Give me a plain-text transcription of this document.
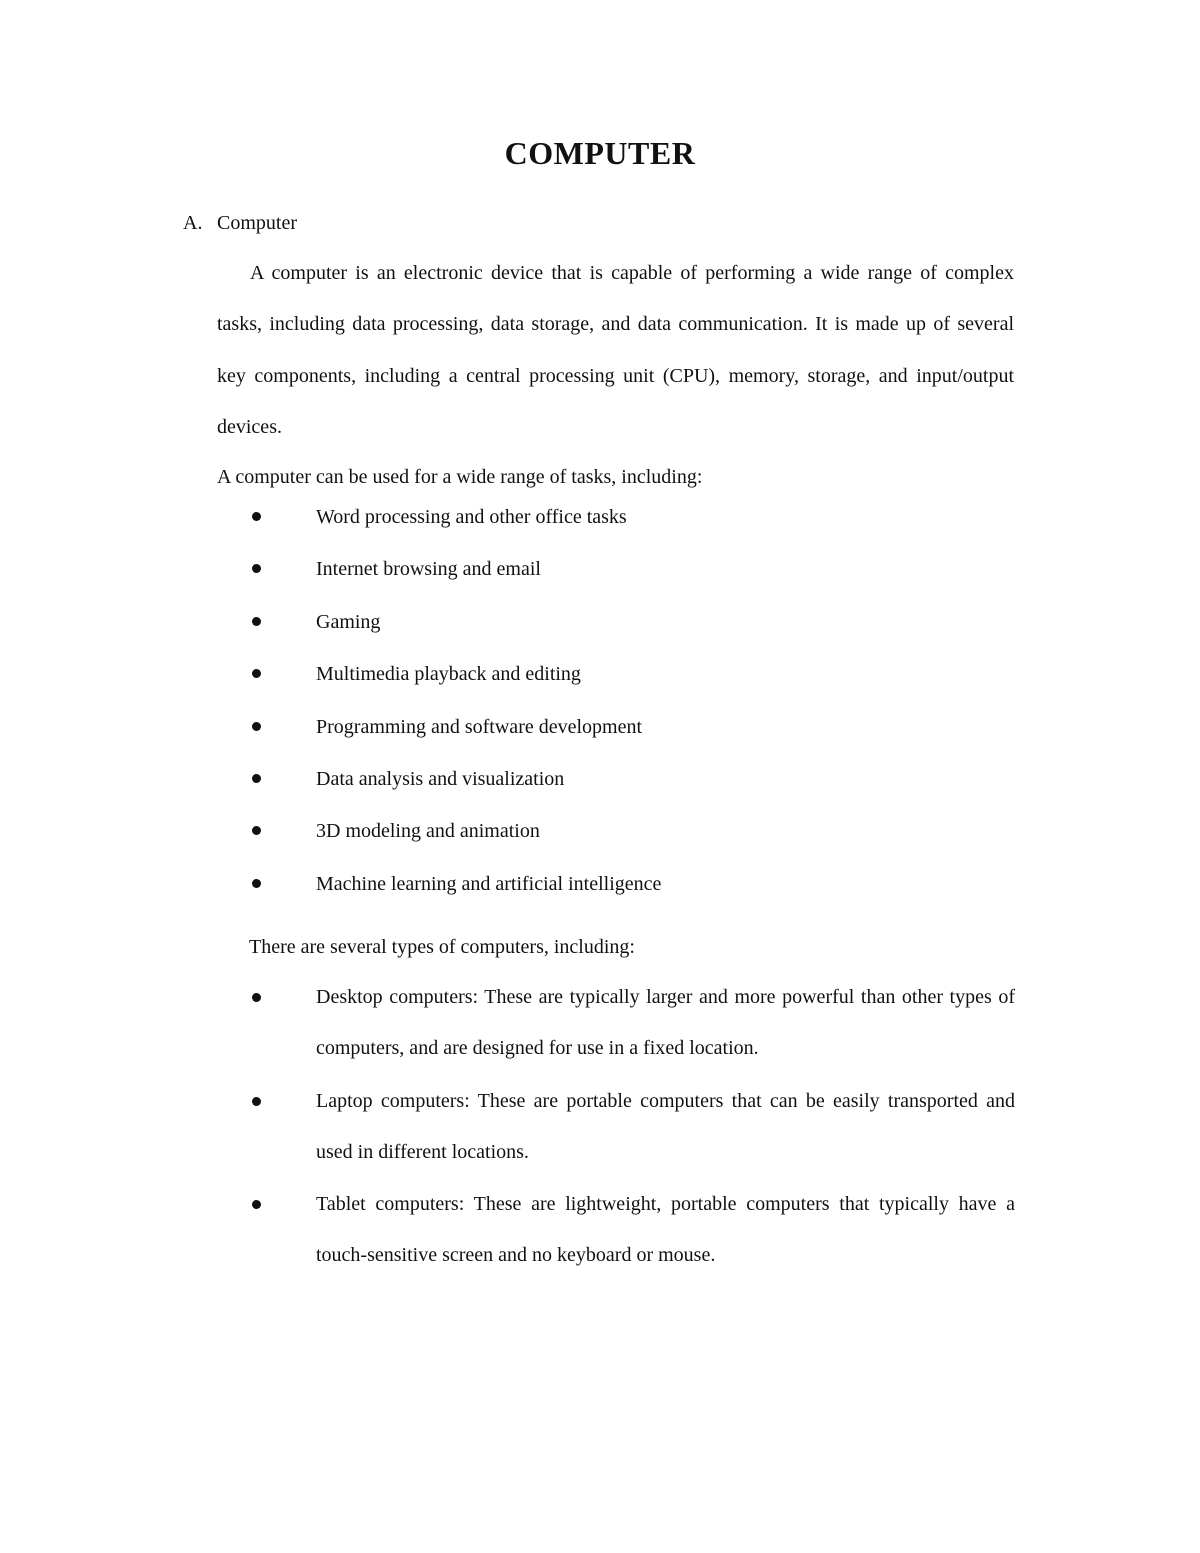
COMPUTER
A. Computer

A computer is an electronic device that is capable of performing a wide range of complex tasks, including data processing, data storage, and data communication. It is made up of several key components, including a central processing unit (CPU), memory, storage, and input/output devices.

A computer can be used for a wide range of tasks, including:
Word processing and other office tasks
Internet browsing and email
Gaming
Multimedia playback and editing
Programming and software development
Data analysis and visualization
3D modeling and animation
Machine learning and artificial intelligence
There are several types of computers, including:
Desktop computers: These are typically larger and more powerful than other types of computers, and are designed for use in a fixed location.
Laptop computers: These are portable computers that can be easily transported and used in different locations.
Tablet computers: These are lightweight, portable computers that typically have a touch-sensitive screen and no keyboard or mouse.
